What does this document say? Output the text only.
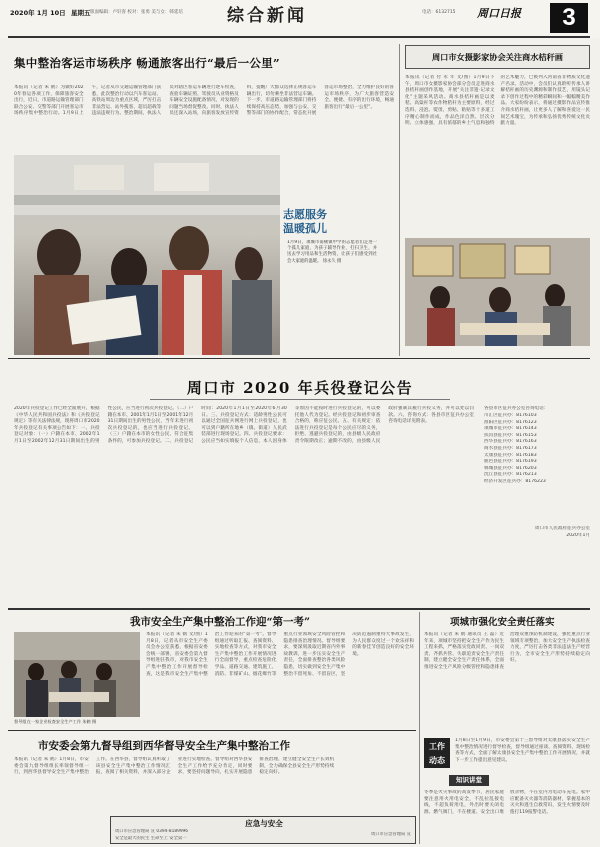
2020年 1月 10日 星期五 版面编辑：卢轩客 校对：张勇 美与女：韩延培	综合新闻	电话：6132715 周口日报	3
集中整治客运市场秩序 畅通旅客出行“最后一公里”
本报讯（记者 朱 鹤）为做好2020年春运各项工作，保障旅客安全出行，近日，市道路运输管理部门联合公安、交警等部门开展客运市场秩序集中整治行动。1月9日上午，记者从市交通运输管理部门获悉，此次整治行动以汽车客运站、高铁站周边为重点区域，严厉打击非法营运、站外揽客、超员超载等违法违规行为。整治期间，执法人员对辖区客运车辆进行逐车检查，查验车辆证照、驾驶员从业资格及车辆安全设施配备情况，对发现的问题当场督促整改。同时，执法人员还深入站场，向旅客发放宣传资料，提醒广大群众选择正规客运车辆出行，切勿乘坐非法营运车辆。下一步，市道路运输管理部门将持续保持高压态势，加强与公安、交警等部门的协作配合，常态化开展客运市场整治，全力维护良好的客运市场秩序，为广大旅客营造安全、便捷、有序的出行环境，畅通旅客出行“最后一公里”。
志愿服务
温暖孤儿
1月9日，项城市南顿镇中学的志愿者们走进一个孤儿家庭，为孩子辅导作业、打扫卫生，并送去学习用品和生活物资，让孩子们感受到社会大家庭的温暖。 徐永久 摄
周口市女摄影家协会关注商水桔秆画
本报讯（记者 付 永 年 文/图）1月9日下午，周口市女摄影家协会部分会员走进商水县桔秆画创作基地，开展“关注非遗·记录文化”主题采风活动。商水县桔秆画是以麦秸、高粱秆等农作物秸秆为主要原料，经过选料、浸泡、熨烫、剪贴、粘贴等十多道工序精心制作而成，作品色泽自然、层次分明、立体感强，具有浓郁的乡土气息和独特的艺术魅力，已被列入河南省非物质文化遗产名录。活动中，会员们认真聆听传承人讲解桔秆画的历史渊源和制作技艺，用镜头记录下创作过程中的精彩瞬间和一幅幅精美作品。大家纷纷表示，将通过摄影作品宣传推介商水桔秆画，让更多人了解和喜爱这一民间艺术瑰宝，为传承和弘扬优秀传统文化贡献力量。
周口市 2020 年兵役登记公告
2020年兵役登记工作已经全面展开，根据《中华人民共和国兵役法》和《兵役登记规定》等有关法律法规，现将周口市2020年兵役登记有关事项公告如下：一、兵役登记对象：（一）户籍在本市、2002年1月1日至2002年12月31日期间出生的男性公民，应当进行初次兵役登记。（二）户籍在本市、2001年1月1日至2001年12月31日期间出生的男性公民，当年未进行初次兵役登记的，也应当进行兵役登记。（三）户籍在本市的女性公民、符合征集条件的，可参加兵役登记。二、兵役登记时间：2020年1月1日至2020年6月30日。三、兵役登记方式：适龄男性公民可以通过全国征兵网进行网上兵役登记，也可以到户籍所在地乡（镇、街道）人民武装部进行现场登记。四、兵役登记要求：公民应当如实填报个人信息，本人因身体等原因不能按时进行兵役登记的，可以委托他人代为登记。经兵役登记和初步审查合格的，称应征公民。五、有关规定：依法进行兵役登记是每个公民应尽的义务，拒绝、逃避兵役登记的，由县级人民政府责令限期改正；逾期不改的，由县级人民政府强制其履行兵役义务，并可以处以罚款。六、咨询方式：各县市区征兵办公室咨询电话详见附表。
各县市区征兵办公室咨询电话：
川汇区征兵办：8176103
淮阳区征兵办：8176123
项城市征兵办：8176143
扶沟县征兵办：8176153
西华县征兵办：8176163
商水县征兵办：8176173
太康县征兵办：8176183
鹿邑县征兵办：8176193
郸城县征兵办：8176203
沈丘县征兵办：8176213
经济开发区征兵办：8176223
周口市人民政府征兵办公室
2020年1月
我市安全生产集中整治工作迎“第一考”
督导组在一家企业检查安全生产工作 朱鹤 摄
本报讯（记者 朱 鹤 文/图）1月8日，记者从市安全生产委员会办公室获悉，根据省安委会统一部署，省安委会第九督导组进驻我市，对我市安全生产集中整治工作开展督导检查，这是我市安全生产集中整治工作迎来的“第一考”。督导组通过听取汇报、查阅资料、实地检查等方式，对我市安全生产集中整治工作开展情况进行全面督导，重点检查危险化学品、道路交通、建筑施工、消防、非煤矿山、烟花爆竹等重点行业领域安全风险管控和隐患排查治理情况。督导组要求，要深刻汲取近期省内外事故教训，进一步压实安全生产责任，全面排查整治各类风险隐患，切实做到安全生产集中整治不留死角、不留盲区，坚决防范遏制重特大事故发生，为人民群众度过一个欢乐祥和的新春佳节创造良好的安全环境。
项城市强化安全责任落实
本报讯（记者 朱 鹤 通讯员 王 磊）近年来，项城市坚持把安全生产作为民生工程来抓，严格落实党政同责、一岗双责、齐抓共管、失职追责安全生产责任制，建立健全安全生产责任体系，全面推进安全生产风险分级管控和隐患排查治理双重预防机制建设，强化重点行业领域专项整治，加大安全生产执法检查力度，严厉打击各类非法违法生产经营行为，全市安全生产形势持续稳定向好。
市安委会第九督导组到西华督导安全生产集中整治工作
本报讯（记者 朱 鹤）1月8日，市安委会第九督导组组长率领督导组一行，到西华县督导安全生产集中整治工作。在西华县，督导组认真听取了该县安全生产集中整治工作情况汇报，查阅了相关资料，并深入部分企业进行实地检查。督导组对西华县安全生产工作给予充分肯定，同时要求，要坚持问题导向，扎实开展隐患排查治理，建立健全安全生产长效机制，全力确保全县安全生产形势持续稳定向好。
工作
动态
1月8日至1月9日，市安委会第十三督导组对太康县落实安全生产集中整治情况进行督导检查，督导组通过座谈、查阅资料、现场检查等方式，全面了解太康县安全生产集中整治工作开展情况，并就下一步工作提出意见建议。
知识讲堂
冬季是火灾事故的高发季节，居民家庭要注意用火用电安全，不乱拉乱接电线，不超负荷用电，外出时要关闭电源、燃气阀门，不在楼道、安全出口堆放杂物，不在室内为电动车充电。家中应配备灭火器等消防器材，掌握基本的灭火和逃生自救常识，发生火情要及时拨打119报警电话。
应急与安全
周口市应急管理局 宣 0394-8189996
安全是最大的民生 生命至上 安全第一
周口市应急管理局 宣
